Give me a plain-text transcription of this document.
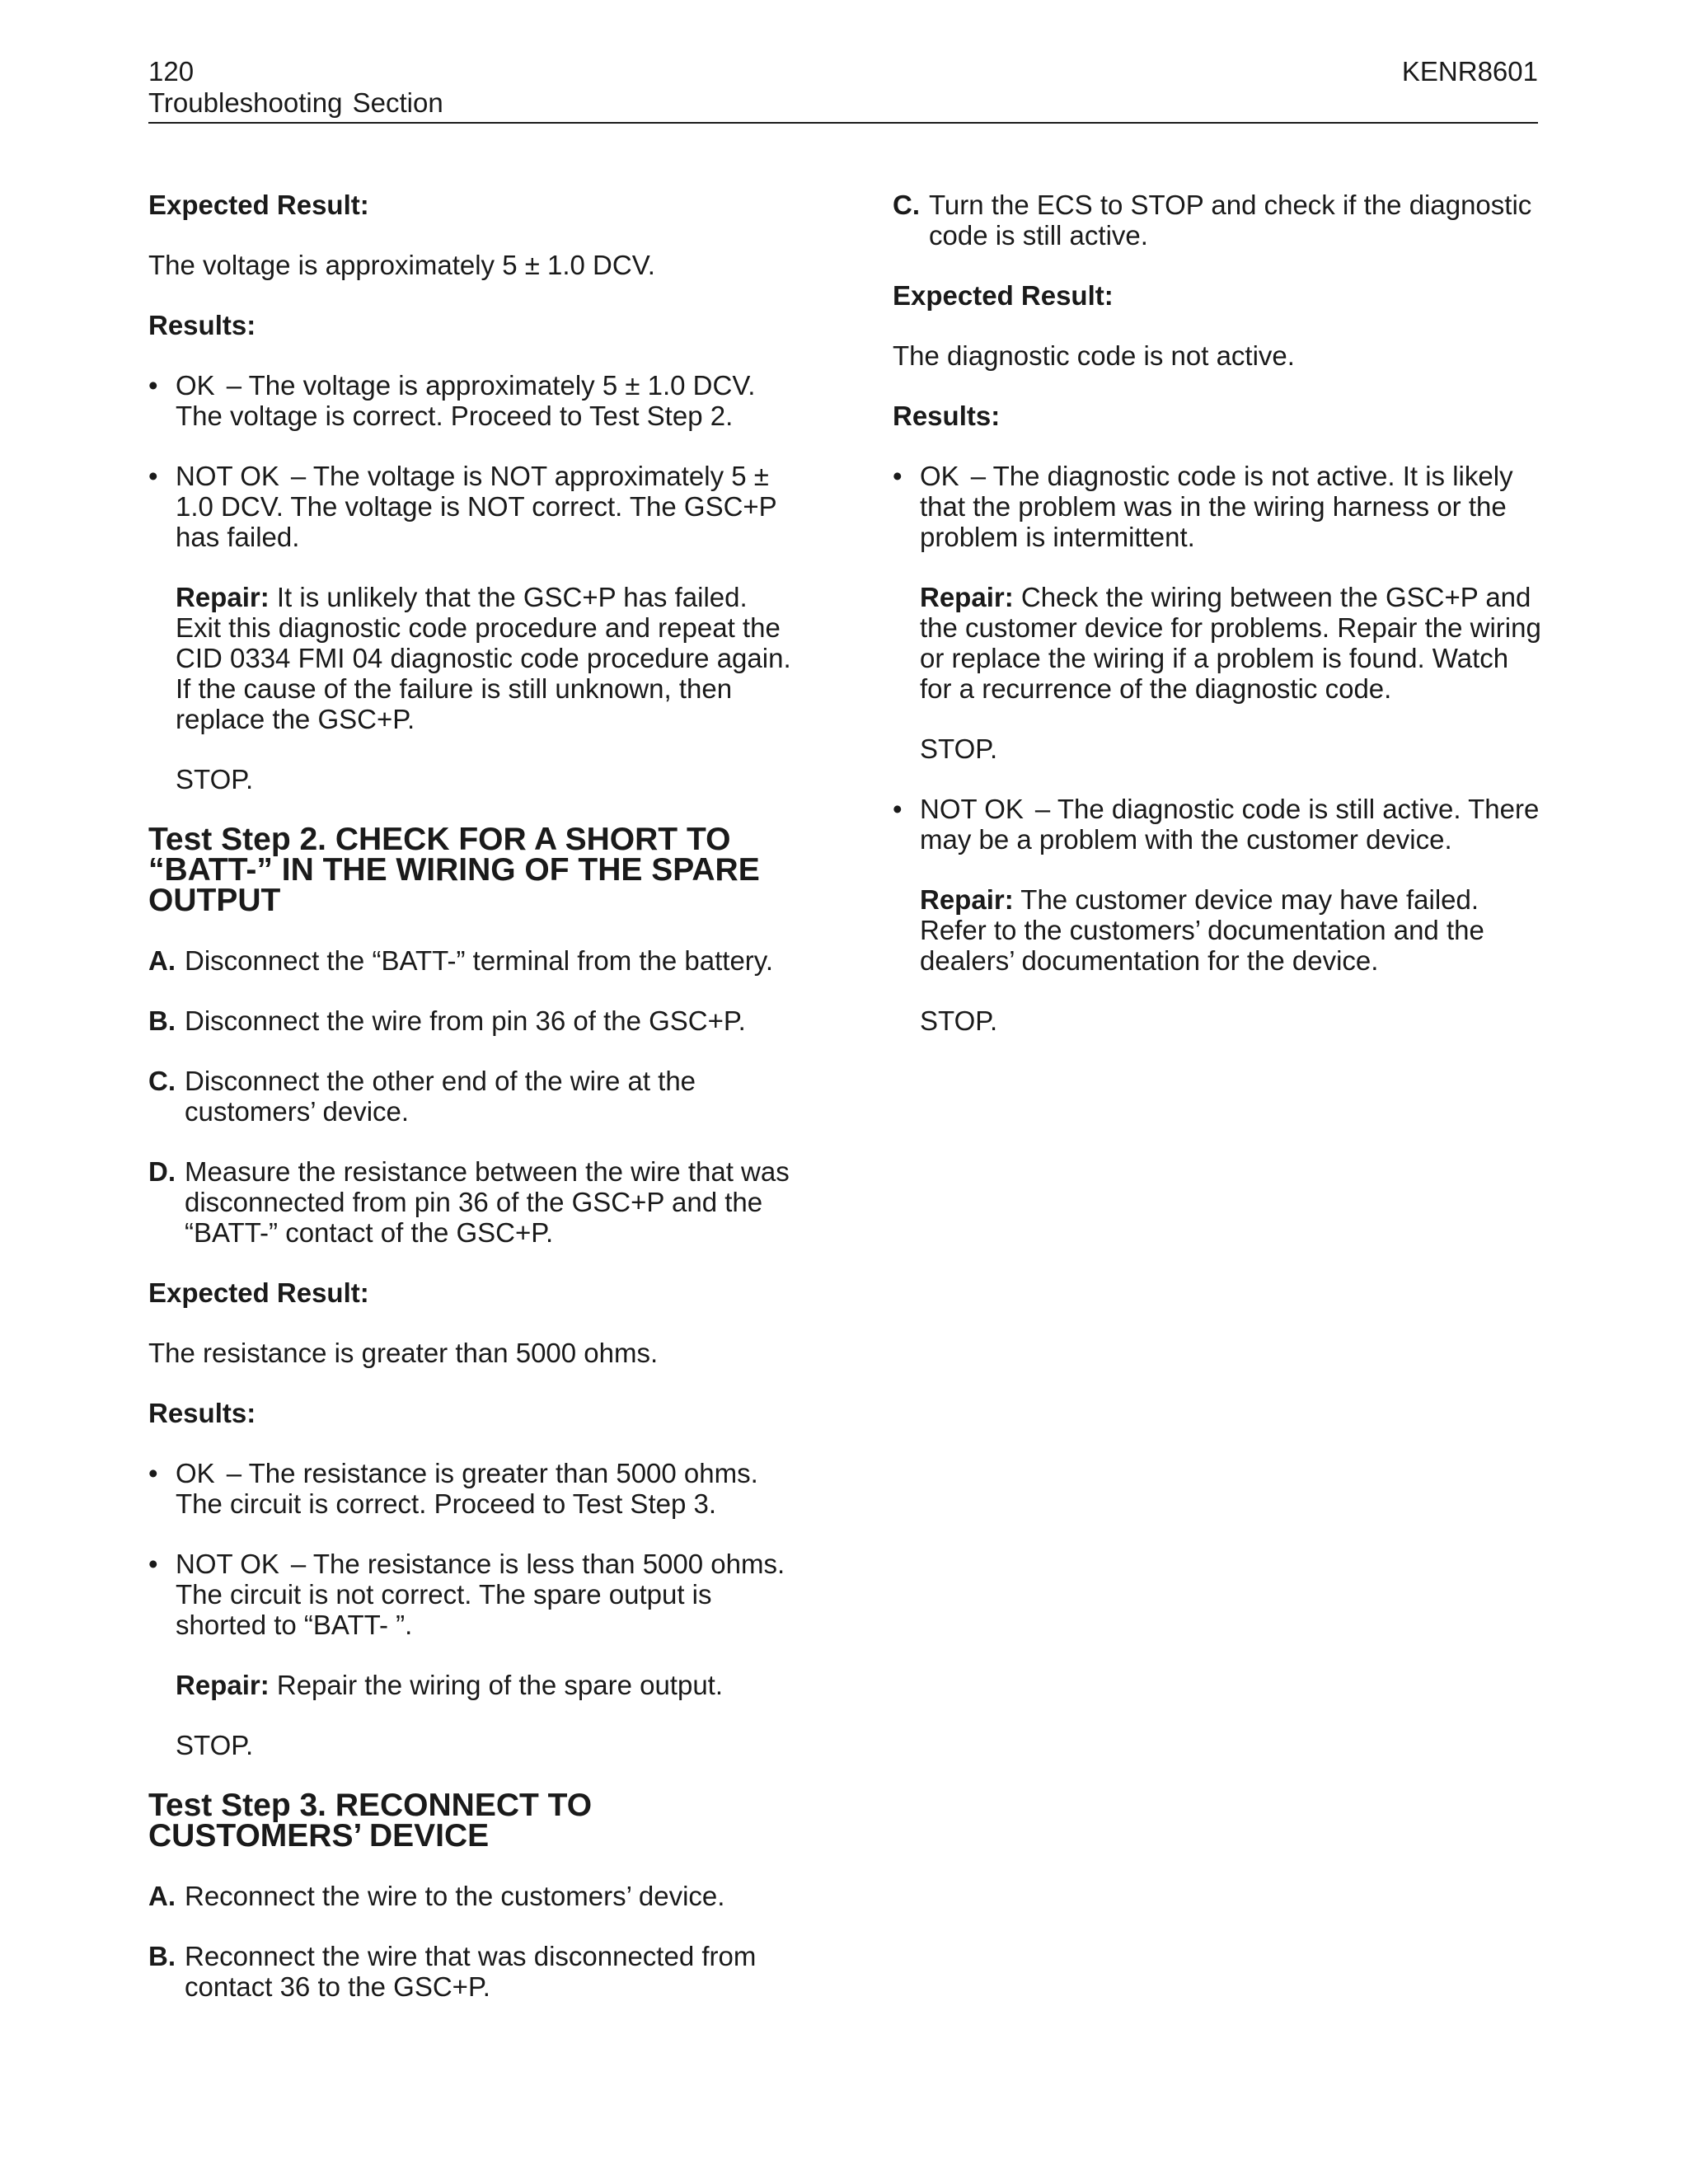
120
Troubleshooting Section
KENR8601

Expected Result:

The voltage is approximately 5 ± 1.0 DCV.

Results:

• OK – The voltage is approximately 5 ± 1.0 DCV. The voltage is correct. Proceed to Test Step 2.
• NOT OK – The voltage is NOT approximately 5 ± 1.0 DCV. The voltage is NOT correct. The GSC+P has failed.

Repair: It is unlikely that the GSC+P has failed. Exit this diagnostic code procedure and repeat the CID 0334 FMI 04 diagnostic code procedure again. If the cause of the failure is still unknown, then replace the GSC+P.

STOP.

Test Step 2. CHECK FOR A SHORT TO “BATT-” IN THE WIRING OF THE SPARE OUTPUT
A. Disconnect the “BATT-” terminal from the battery.
B. Disconnect the wire from pin 36 of the GSC+P.
C. Disconnect the other end of the wire at the customers’ device.
D. Measure the resistance between the wire that was disconnected from pin 36 of the GSC+P and the “BATT-” contact of the GSC+P.

Expected Result:

The resistance is greater than 5000 ohms.

Results:

• OK – The resistance is greater than 5000 ohms. The circuit is correct. Proceed to Test Step 3.
• NOT OK – The resistance is less than 5000 ohms. The circuit is not correct. The spare output is shorted to “BATT- ”.

Repair: Repair the wiring of the spare output.

STOP.

Test Step 3. RECONNECT TO CUSTOMERS’ DEVICE
A. Reconnect the wire to the customers’ device.
B. Reconnect the wire that was disconnected from contact 36 to the GSC+P.
C. Turn the ECS to STOP and check if the diagnostic code is still active.

Expected Result:

The diagnostic code is not active.

Results:

• OK – The diagnostic code is not active. It is likely that the problem was in the wiring harness or the problem is intermittent.

Repair: Check the wiring between the GSC+P and the customer device for problems. Repair the wiring or replace the wiring if a problem is found. Watch for a recurrence of the diagnostic code.

STOP.

• NOT OK – The diagnostic code is still active. There may be a problem with the customer device.

Repair: The customer device may have failed. Refer to the customers’ documentation and the dealers’ documentation for the device.

STOP.
